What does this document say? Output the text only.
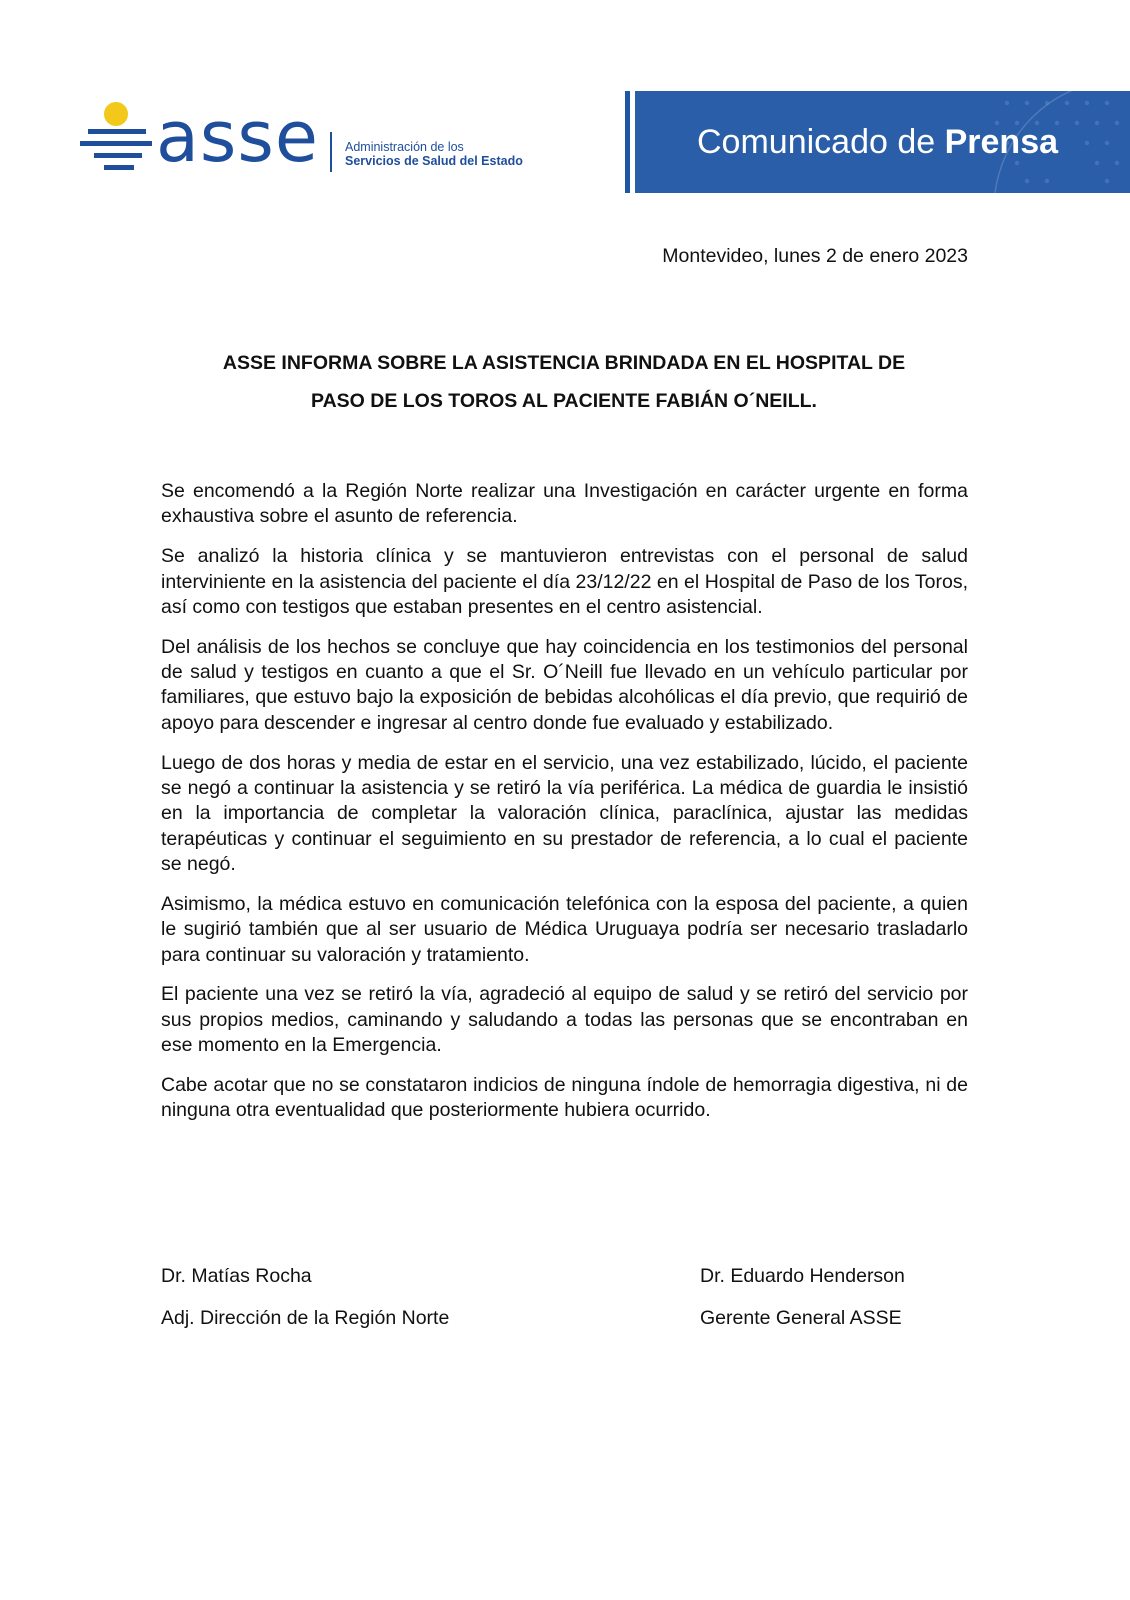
asse Administración de los
Servicios de Salud del Estado	Comunicado de Prensa
Montevideo, lunes 2 de enero 2023
ASSE INFORMA SOBRE LA ASISTENCIA BRINDADA EN EL HOSPITAL DE
PASO DE LOS TOROS AL PACIENTE FABIÁN O´NEILL.

Se encomendó a la Región Norte realizar una Investigación en carácter urgente en forma exhaustiva sobre el asunto de referencia.

Se analizó la historia clínica y se mantuvieron entrevistas con el personal de salud interviniente en la asistencia del paciente el día 23/12/22 en el Hospital de Paso de los Toros, así como con testigos que estaban presentes en el centro asistencial.

Del análisis de los hechos se concluye que hay coincidencia en los testimonios del personal de salud y testigos en cuanto a que el Sr. O´Neill fue llevado en un vehículo particular por familiares, que estuvo bajo la exposición de bebidas alcohólicas el día previo, que requirió de apoyo para descender e ingresar al centro donde fue evaluado y estabilizado.

Luego de dos horas y media de estar en el servicio, una vez estabilizado, lúcido, el paciente se negó a continuar la asistencia y se retiró la vía periférica. La médica de guardia le insistió en la importancia de completar la valoración clínica, paraclínica, ajustar las medidas terapéuticas y continuar el seguimiento en su prestador de referencia, a lo cual el paciente se negó.

Asimismo, la médica estuvo en comunicación telefónica con la esposa del paciente, a quien le sugirió también que al ser usuario de Médica Uruguaya podría ser necesario trasladarlo para continuar su valoración y tratamiento.

El paciente una vez se retiró la vía, agradeció al equipo de salud y se retiró del servicio por sus propios medios, caminando y saludando a todas las personas que se encontraban en ese momento en la Emergencia.

Cabe acotar que no se constataron indicios de ninguna índole de hemorragia digestiva, ni de ninguna otra eventualidad que posteriormente hubiera ocurrido.

Dr. Matías Rocha
Adj. Dirección de la Región Norte
Dr. Eduardo Henderson
Gerente General ASSE
